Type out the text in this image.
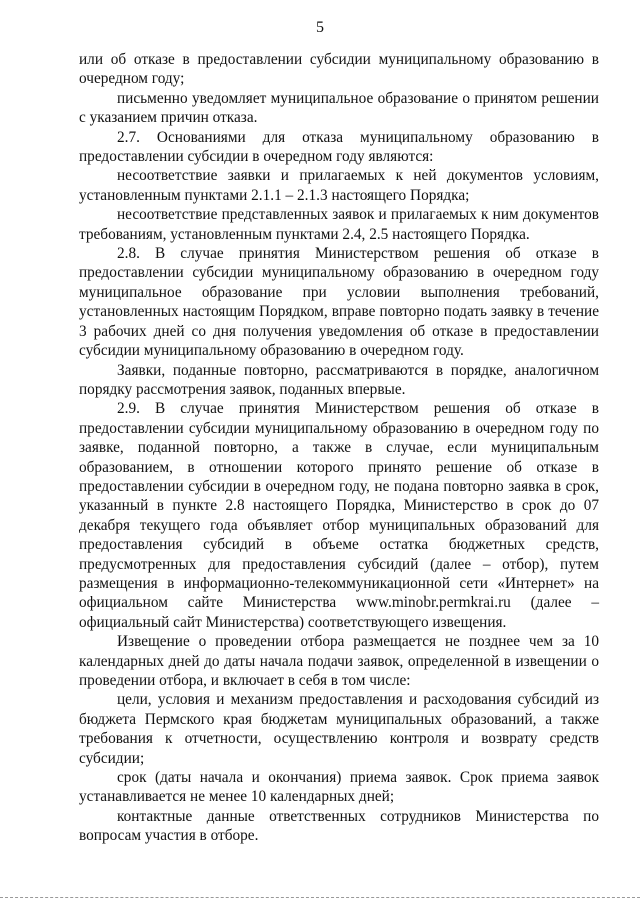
5

или об отказе в предоставлении субсидии муниципальному образованию в очередном году;

письменно уведомляет муниципальное образование о принятом решении с указанием причин отказа.

2.7. Основаниями для отказа муниципальному образованию в предоставлении субсидии в очередном году являются:

несоответствие заявки и прилагаемых к ней документов условиям, установленным пунктами 2.1.1 – 2.1.3 настоящего Порядка;

несоответствие представленных заявок и прилагаемых к ним документов требованиям, установленным пунктами 2.4, 2.5 настоящего Порядка.

2.8. В случае принятия Министерством решения об отказе в предоставлении субсидии муниципальному образованию в очередном году муниципальное образование при условии выполнения требований, установленных настоящим Порядком, вправе повторно подать заявку в течение 3 рабочих дней со дня получения уведомления об отказе в предоставлении субсидии муниципальному образованию в очередном году.

Заявки, поданные повторно, рассматриваются в порядке, аналогичном порядку рассмотрения заявок, поданных впервые.

2.9. В случае принятия Министерством решения об отказе в предоставлении субсидии муниципальному образованию в очередном году по заявке, поданной повторно, а также в случае, если муниципальным образованием, в отношении которого принято решение об отказе в предоставлении субсидии в очередном году, не подана повторно заявка в срок, указанный в пункте 2.8 настоящего Порядка, Министерство в срок до 07 декабря текущего года объявляет отбор муниципальных образований для предоставления субсидий в объеме остатка бюджетных средств, предусмотренных для предоставления субсидий (далее – отбор), путем размещения в информационно-телекоммуникационной сети «Интернет» на официальном сайте Министерства www.minobr.permkrai.ru (далее – официальный сайт Министерства) соответствующего извещения.

Извещение о проведении отбора размещается не позднее чем за 10 календарных дней до даты начала подачи заявок, определенной в извещении о проведении отбора, и включает в себя в том числе:

цели, условия и механизм предоставления и расходования субсидий из бюджета Пермского края бюджетам муниципальных образований, а также требования к отчетности, осуществлению контроля и возврату средств субсидии;

срок (даты начала и окончания) приема заявок. Срок приема заявок устанавливается не менее 10 календарных дней;

контактные данные ответственных сотрудников Министерства по вопросам участия в отборе.
